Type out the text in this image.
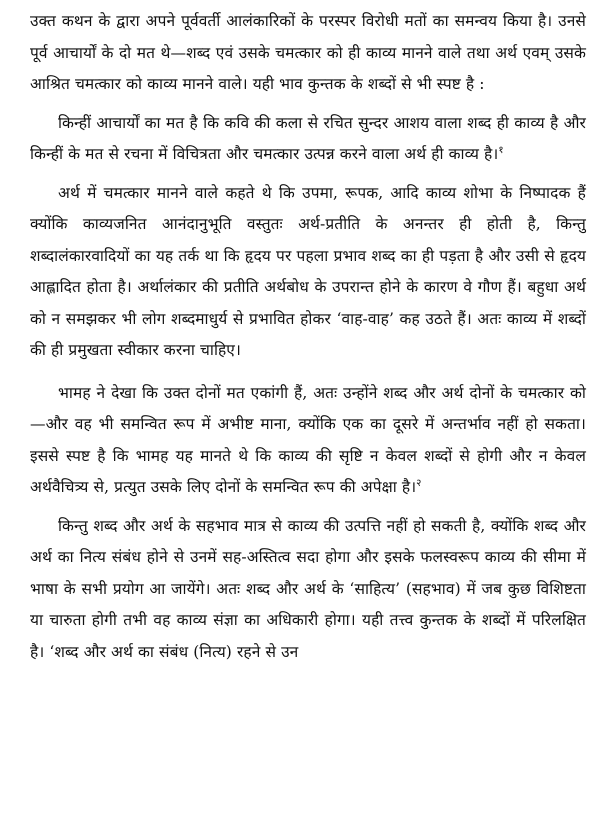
उक्त कथन के द्वारा अपने पूर्ववर्ती आलंकारिकों के परस्पर विरोधी मतों का समन्वय किया है। उनसे पूर्व आचार्यों के दो मत थे—शब्द एवं उसके चमत्कार को ही काव्य मानने वाले तथा अर्थ एवम् उसके आश्रित चमत्कार को काव्य मानने वाले। यही भाव कुन्तक के शब्दों से भी स्पष्ट है :

किन्हीं आचार्यों का मत है कि कवि की कला से रचित सुन्दर आशय वाला शब्द ही काव्य है और किन्हीं के मत से रचना में विचित्रता और चमत्कार उत्पन्न करने वाला अर्थ ही काव्य है।$^१$

अर्थ में चमत्कार मानने वाले कहते थे कि उपमा, रूपक, आदि काव्य शोभा के निष्पादक हैं क्योंकि काव्यजनित आनंदानुभूति वस्तुतः अर्थ-प्रतीति के अनन्तर ही होती है, किन्तु शब्दालंकारवादियों का यह तर्क था कि हृदय पर पहला प्रभाव शब्द का ही पड़ता है और उसी से हृदय आह्लादित होता है। अर्थालंकार की प्रतीति अर्थबोध के उपरान्त होने के कारण वे गौण हैं। बहुधा अर्थ को न समझकर भी लोग शब्दमाधुर्य से प्रभावित होकर ‘वाह-वाह’ कह उठते हैं। अतः काव्य में शब्दों की ही प्रमुखता स्वीकार करना चाहिए।

भामह ने देखा कि उक्त दोनों मत एकांगी हैं, अतः उन्होंने शब्द और अर्थ दोनों के चमत्कार को—और वह भी समन्वित रूप में अभीष्ट माना, क्योंकि एक का दूसरे में अन्तर्भाव नहीं हो सकता। इससे स्पष्ट है कि भामह यह मानते थे कि काव्य की सृष्टि न केवल शब्दों से होगी और न केवल अर्थवैचित्र्य से, प्रत्युत उसके लिए दोनों के समन्वित रूप की अपेक्षा है।$^२$

किन्तु शब्द और अर्थ के सहभाव मात्र से काव्य की उत्पत्ति नहीं हो सकती है, क्योंकि शब्द और अर्थ का नित्य संबंध होने से उनमें सह-अस्तित्व सदा होगा और इसके फलस्वरूप काव्य की सीमा में भाषा के सभी प्रयोग आ जायेंगे। अतः शब्द और अर्थ के ‘साहित्य’ (सहभाव) में जब कुछ विशिष्टता या चारुता होगी तभी वह काव्य संज्ञा का अधिकारी होगा। यही तत्त्व कुन्तक के शब्दों में परिलक्षित है। ‘शब्द और अर्थ का संबंध (नित्य) रहने से उन
